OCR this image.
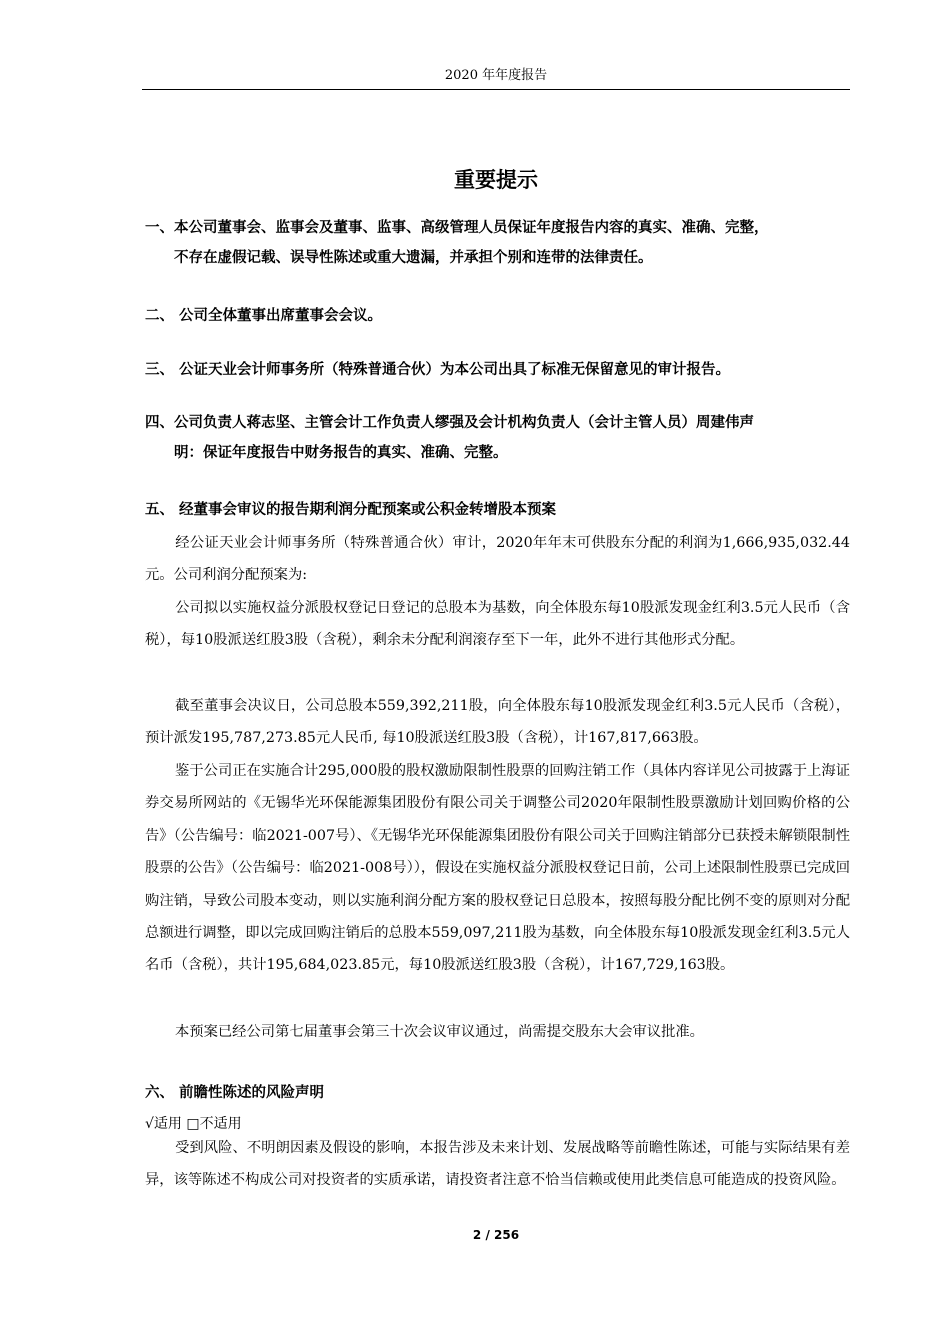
2020 年年度报告
重要提示
一、本公司董事会、监事会及董事、监事、高级管理人员保证年度报告内容的真实、准确、完整，
不存在虚假记载、误导性陈述或重大遗漏，并承担个别和连带的法律责任。
二、 公司全体董事出席董事会会议。
三、 公证天业会计师事务所（特殊普通合伙）为本公司出具了标准无保留意见的审计报告。
四、公司负责人蒋志坚、主管会计工作负责人缪强及会计机构负责人（会计主管人员）周建伟声
明：保证年度报告中财务报告的真实、准确、完整。
五、 经董事会审议的报告期利润分配预案或公积金转增股本预案
经公证天业会计师事务所（特殊普通合伙）审计，2020年年末可供股东分配的利润为1,666,935,032.44元。公司利润分配预案为:
公司拟以实施权益分派股权登记日登记的总股本为基数，向全体股东每10股派发现金红利3.5元人民币（含税），每10股派送红股3股（含税），剩余未分配利润滚存至下一年，此外不进行其他形式分配。
截至董事会决议日，公司总股本559,392,211股，向全体股东每10股派发现金红利3.5元人民币（含税），预计派发195,787,273.85元人民币, 每10股派送红股3股（含税），计167,817,663股。
鉴于公司正在实施合计295,000股的股权激励限制性股票的回购注销工作（具体内容详见公司披露于上海证券交易所网站的《无锡华光环保能源集团股份有限公司关于调整公司2020年限制性股票激励计划回购价格的公告》（公告编号：临2021-007号）、《无锡华光环保能源集团股份有限公司关于回购注销部分已获授未解锁限制性股票的公告》（公告编号：临2021-008号）），假设在实施权益分派股权登记日前，公司上述限制性股票已完成回购注销，导致公司股本变动，则以实施利润分配方案的股权登记日总股本，按照每股分配比例不变的原则对分配总额进行调整，即以完成回购注销后的总股本559,097,211股为基数，向全体股东每10股派发现金红利3.5元人名币（含税），共计195,684,023.85元，每10股派送红股3股（含税），计167,729,163股。
本预案已经公司第七届董事会第三十次会议审议通过，尚需提交股东大会审议批准。
六、 前瞻性陈述的风险声明
√适用 □不适用
受到风险、不明朗因素及假设的影响，本报告涉及未来计划、发展战略等前瞻性陈述，可能与实际结果有差异，该等陈述不构成公司对投资者的实质承诺，请投资者注意不恰当信赖或使用此类信息可能造成的投资风险。
2 / 256
